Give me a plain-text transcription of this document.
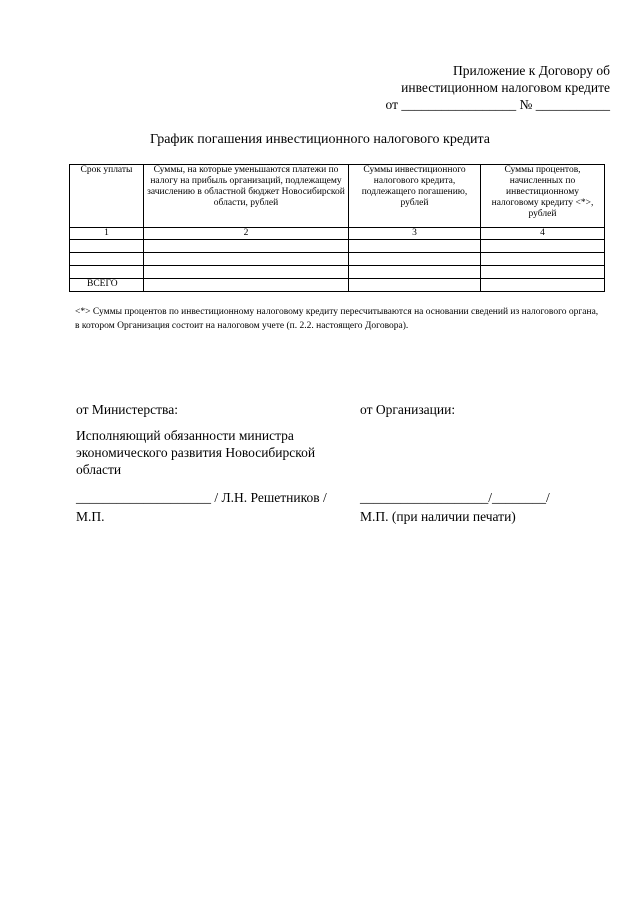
Приложение к Договору об
инвестиционном налоговом кредите
от _________________ № ___________
График погашения инвестиционного налогового кредита
Срок уплаты	Суммы, на которые уменьшаются платежи по налогу на прибыль организаций, подлежащему зачислению в областной бюджет Новосибирской области, рублей	Суммы инвестиционного налогового кредита, подлежащего погашению, рублей	Суммы процентов, начисленных по инвестиционному налоговому кредиту <*>, рублей
1	2	3	4

ВСЕГО			
<*> Суммы процентов по инвестиционному налоговому кредиту пересчитываются на основании сведений из налогового органа, в котором Организация состоит на налоговом учете (п. 2.2. настоящего Договора).
от Министерства:	от Организации:
Исполняющий обязанности министра экономического развития Новосибирской области
____________________ / Л.Н. Решетников / ___________________/________/
М.П.	М.П. (при наличии печати)
